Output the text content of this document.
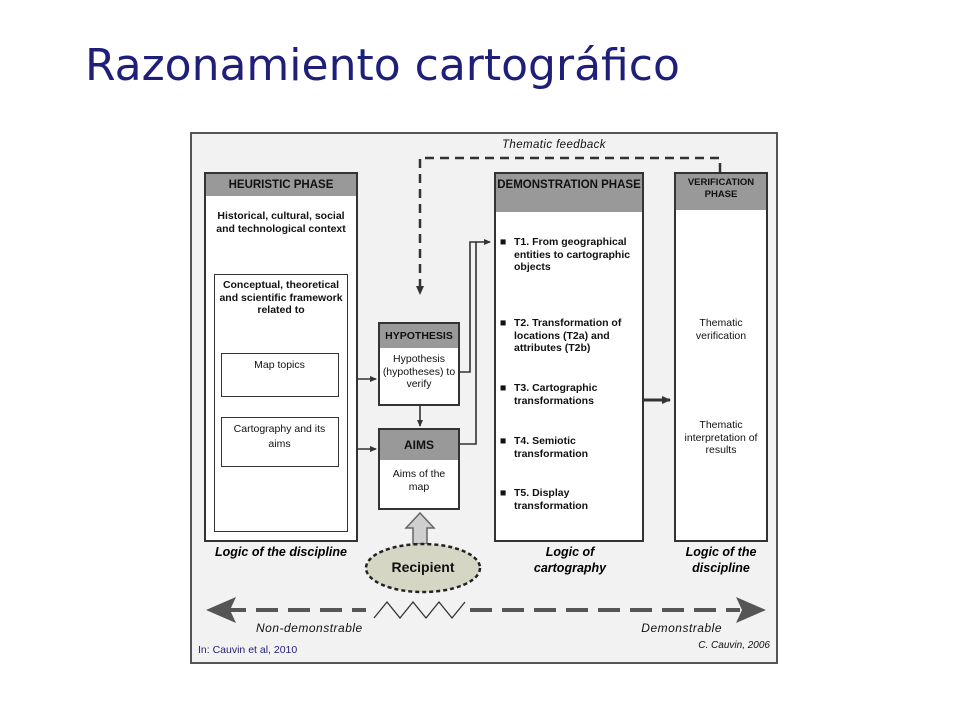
Razonamiento cartográfico
Thematic feedback
HEURISTIC PHASE
Historical, cultural, social and technological context
Conceptual, theoretical and scientific framework related to
Map topics
Cartography and its aims
HYPOTHESIS
Hypothesis (hypotheses) to verify
AIMS
Aims of the map
Recipient
DEMONSTRATION PHASE
■ T1. From geographical entities to cartographic objects
■ T2. Transformation of locations (T2a) and attributes (T2b)
■ T3. Cartographic transformations
■ T4. Semiotic transformation
■ T5. Display transformation
VERIFICATION PHASE
Thematic verification
Thematic interpretation of results
Logic of the discipline	Logic of cartography
Logic of the discipline
Non-demonstrable	Demonstrable
In: Cauvin et al, 2010	C. Cauvin, 2006
